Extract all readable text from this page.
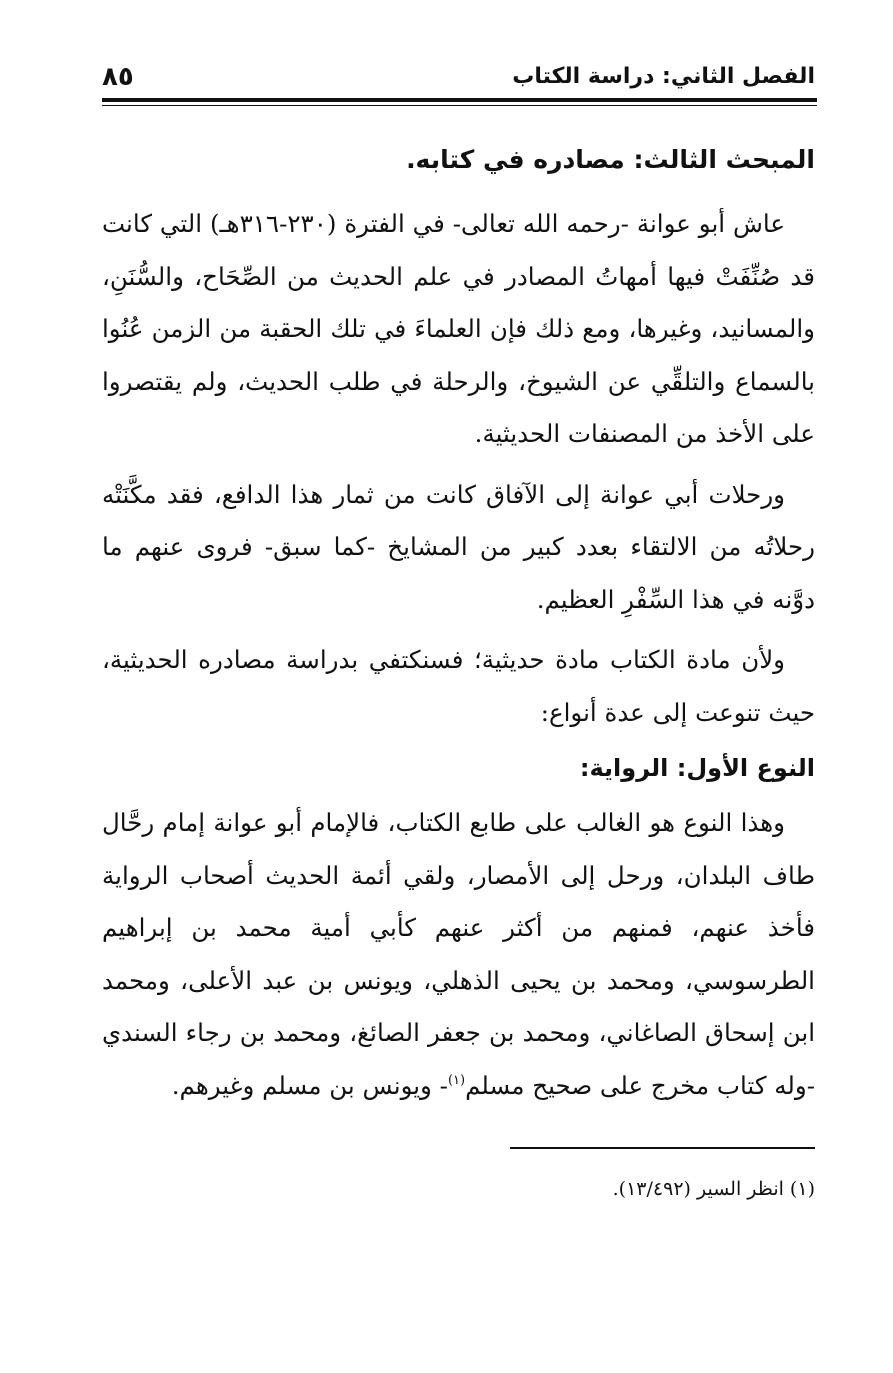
الفصل الثاني: دراسة الكتاب
٨٥
المبحث الثالث: مصادره في كتابه.

عاش أبو عوانة -رحمه الله تعالى- في الفترة (٢٣٠-٣١٦هـ) التي كانت قد صُنِّفَتْ فيها أمهاتُ المصادر في علم الحديث من الصِّحَاح، والسُّنَنِ، والمسانيد، وغيرها، ومع ذلك فإن العلماءَ في تلك الحقبة من الزمن عُنُوا بالسماع والتلقِّي عن الشيوخ، والرحلة في طلب الحديث، ولم يقتصروا على الأخذ من المصنفات الحديثية.

ورحلات أبي عوانة إلى الآفاق كانت من ثمار هذا الدافع، فقد مكَّنَتْه رحلاتُه من الالتقاء بعدد كبير من المشايخ -كما سبق- فروى عنهم ما دوَّنه في هذا السِّفْرِ العظيم.

ولأن مادة الكتاب مادة حديثية؛ فسنكتفي بدراسة مصادره الحديثية، حيث تنوعت إلى عدة أنواع:

النوع الأول: الرواية:

وهذا النوع هو الغالب على طابع الكتاب، فالإمام أبو عوانة إمام رحَّال طاف البلدان، ورحل إلى الأمصار، ولقي أئمة الحديث أصحاب الرواية فأخذ عنهم، فمنهم من أكثر عنهم كأبي أمية محمد بن إبراهيم الطرسوسي، ومحمد بن يحيى الذهلي، ويونس بن عبد الأعلى، ومحمد ابن إسحاق الصاغاني، ومحمد بن جعفر الصائغ، ومحمد بن رجاء السندي -وله كتاب مخرج على صحيح مسلم$^{(١)}$- ويونس بن مسلم وغيرهم.

(١) انظر السير (١٣/٤٩٢).
